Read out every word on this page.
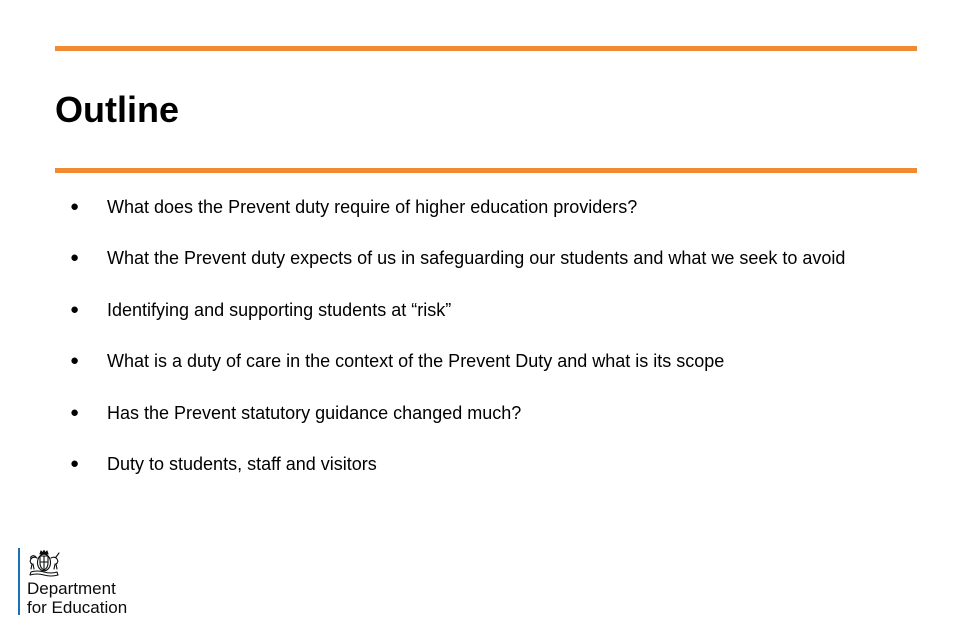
Outline
● What does the Prevent duty require of higher education providers?
● What the Prevent duty expects of us in safeguarding our students and what we seek to avoid
● Identifying and supporting students at “risk”
● What is a duty of care in the context of the Prevent Duty and what is its scope
● Has the Prevent statutory guidance changed much?
● Duty to students, staff and visitors
Department
for Education
